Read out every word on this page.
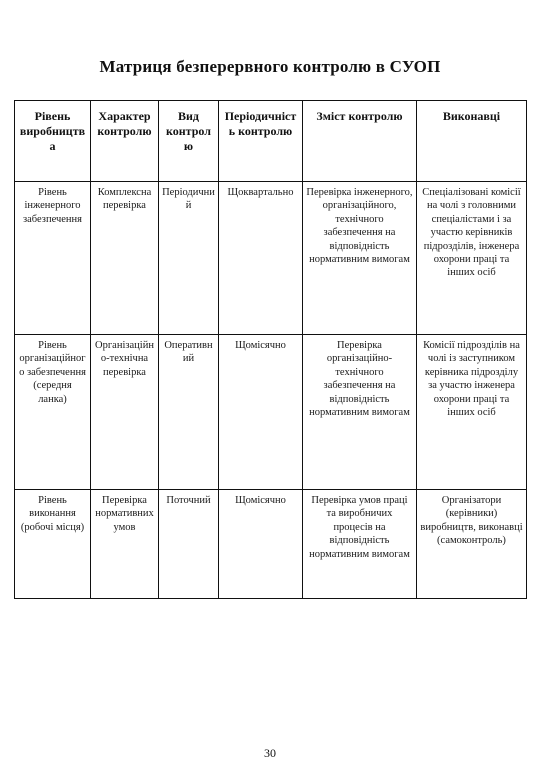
Матриця безперервного контролю в СУОП
Рівень виробництва	Характер контролю	Вид контролю	Періодичність контролю	Зміст контролю	Виконавці
Рівень інженерного забезпечення	Комплексна перевірка	Періодичний	Щоквартально	Перевірка інженерного, організаційного, технічного забезпечення на відповідність нормативним вимогам	Спеціалізовані комісії на чолі з головними спеціалістами і за участю керівників підрозділів, інженера охорони праці та інших осіб
Рівень організаційного забезпечення (середня ланка)	Організаційно-технічна перевірка	Оперативний	Щомісячно	Перевірка організаційно-технічного забезпечення на відповідність нормативним вимогам	Комісії підрозділів на чолі із заступником керівника підрозділу за участю інженера охорони праці та інших осіб
Рівень виконання (робочі місця)	Перевірка нормативних умов	Поточний	Щомісячно	Перевірка умов праці та виробничих процесів на відповідність нормативним вимогам	Організатори (керівники) виробництв, виконавці (самоконтроль)
30
